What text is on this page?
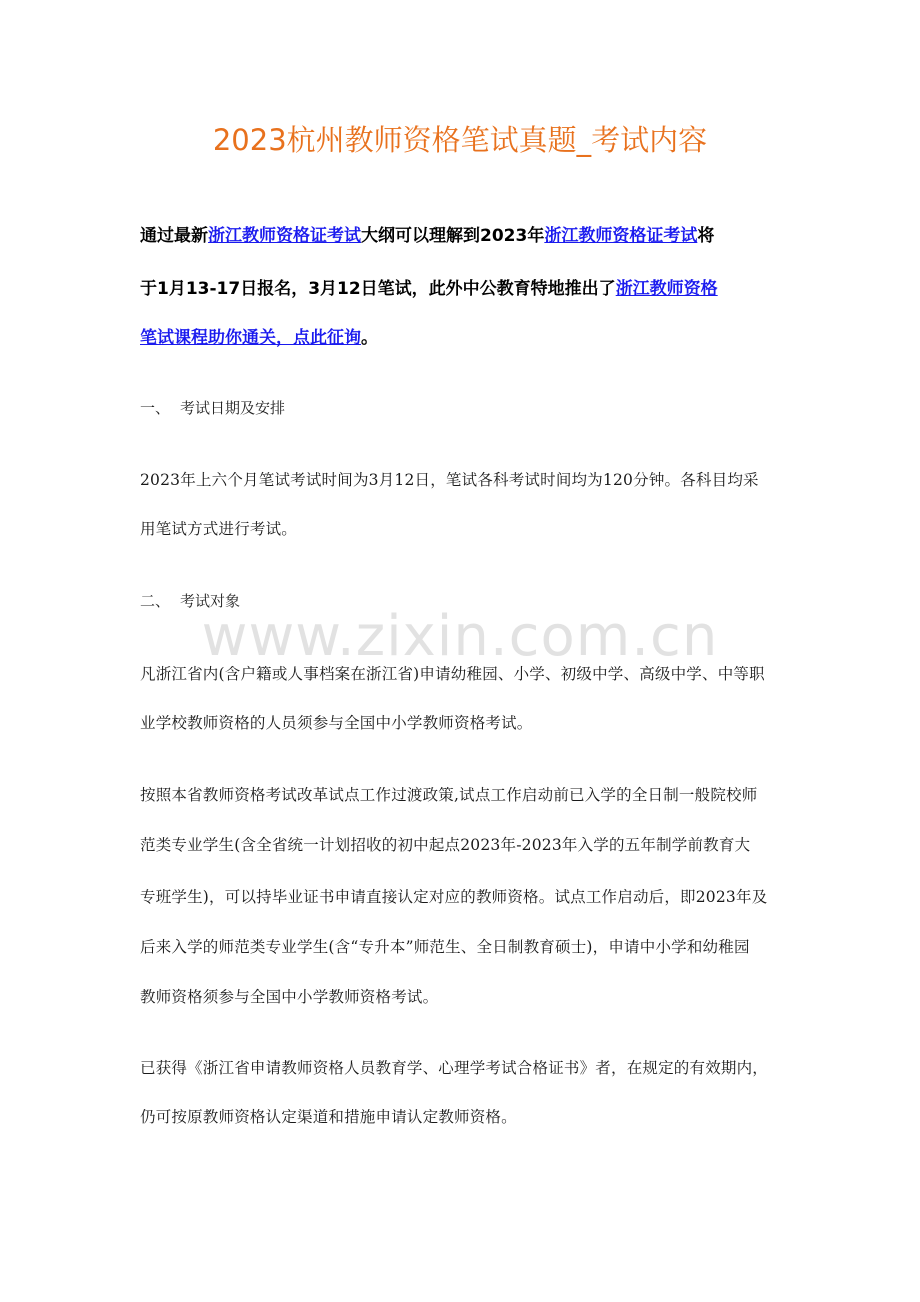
2023杭州教师资格笔试真题_考试内容
通过最新浙江教师资格证考试大纲可以理解到2023年浙江教师资格证考试将
于1月13-17日报名，3月12日笔试，此外中公教育特地推出了浙江教师资格
笔试课程助你通关，点此征询。
一、 考试日期及安排
2023年上六个月笔试考试时间为3月12日，笔试各科考试时间均为120分钟。各科目均采
用笔试方式进行考试。
二、 考试对象
www.zixin.com.cn
凡浙江省内(含户籍或人事档案在浙江省)申请幼稚园、小学、初级中学、高级中学、中等职
业学校教师资格的人员须参与全国中小学教师资格考试。
按照本省教师资格考试改革试点工作过渡政策,试点工作启动前已入学的全日制一般院校师
范类专业学生(含全省统一计划招收的初中起点2023年-2023年入学的五年制学前教育大
专班学生)，可以持毕业证书申请直接认定对应的教师资格。试点工作启动后，即2023年及
后来入学的师范类专业学生(含“专升本”师范生、全日制教育硕士)，申请中小学和幼稚园
教师资格须参与全国中小学教师资格考试。
已获得《浙江省申请教师资格人员教育学、心理学考试合格证书》者，在规定的有效期内，
仍可按原教师资格认定渠道和措施申请认定教师资格。
